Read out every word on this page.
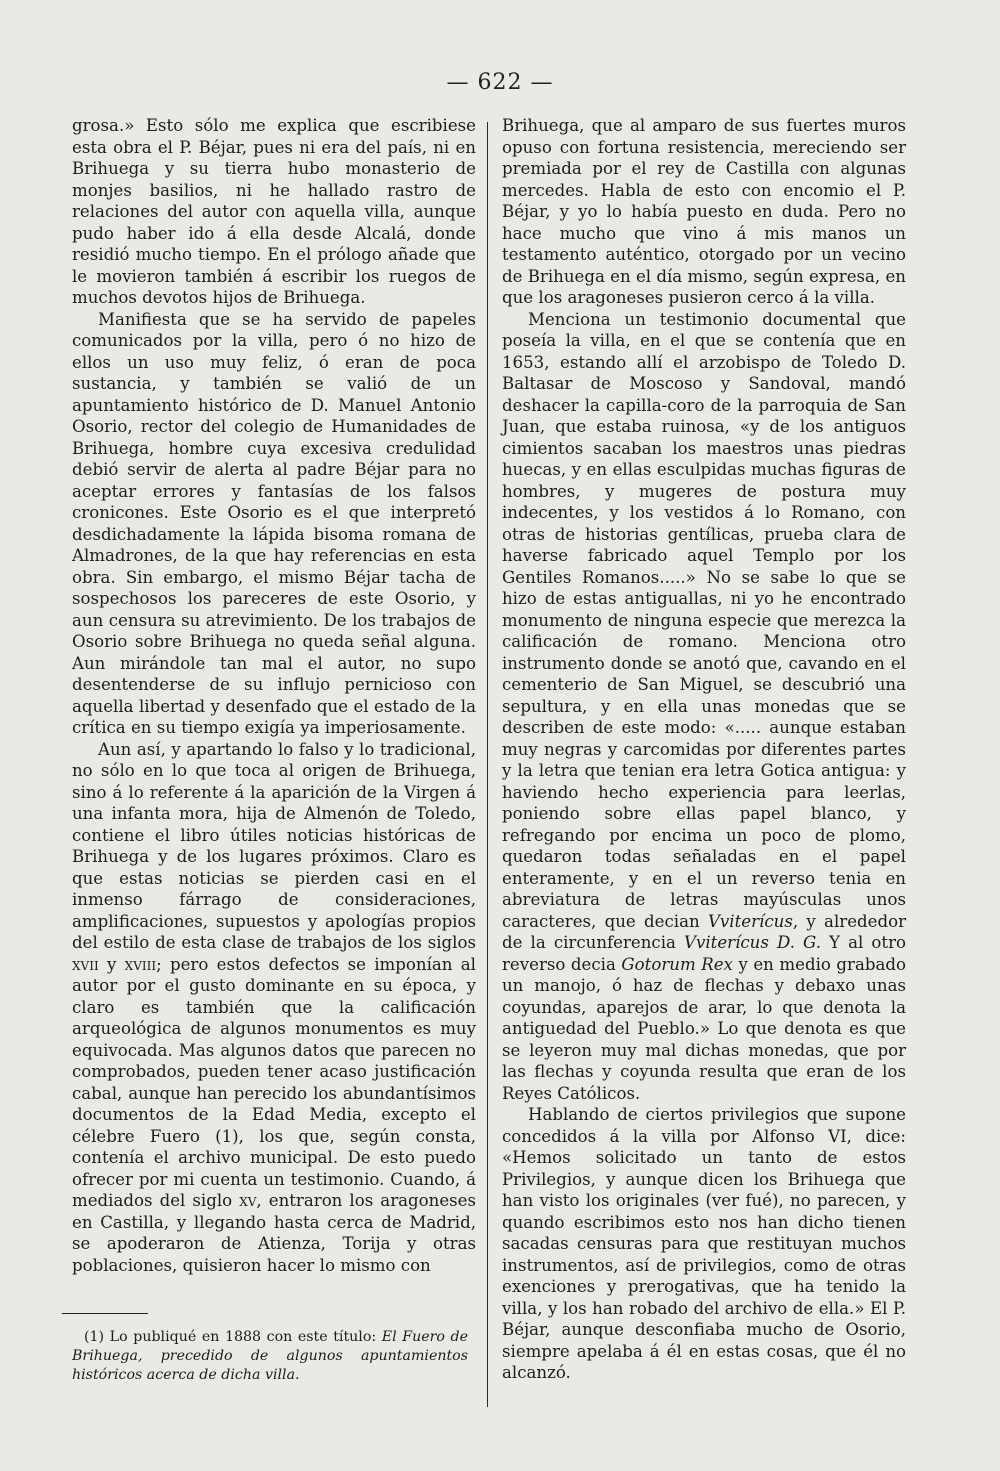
— 622 —

grosa.» Esto sólo me explica que escribiese esta obra el P. Béjar, pues ni era del país, ni en Brihuega y su tierra hubo monasterio de monjes basilios, ni he hallado rastro de relaciones del autor con aquella villa, aunque pudo haber ido á ella desde Alcalá, donde residió mucho tiempo. En el prólogo añade que le movieron también á escribir los ruegos de muchos devotos hijos de Brihuega.

Manifiesta que se ha servido de papeles comunicados por la villa, pero ó no hizo de ellos un uso muy feliz, ó eran de poca sustancia, y también se valió de un apuntamiento histórico de D. Manuel Antonio Osorio, rector del colegio de Humanidades de Brihuega, hombre cuya excesiva credulidad debió servir de alerta al padre Béjar para no aceptar errores y fantasías de los falsos cronicones. Este Osorio es el que interpretó desdichadamente la lápida bisoma romana de Almadrones, de la que hay referencias en esta obra. Sin embargo, el mismo Béjar tacha de sospechosos los pareceres de este Osorio, y aun censura su atrevimiento. De los trabajos de Osorio sobre Brihuega no queda señal alguna. Aun mirándole tan mal el autor, no supo desentenderse de su influjo pernicioso con aquella libertad y desenfado que el estado de la crítica en su tiempo exigía ya imperiosamente.

Aun así, y apartando lo falso y lo tradicional, no sólo en lo que toca al origen de Brihuega, sino á lo referente á la aparición de la Virgen á una infanta mora, hija de Almenón de Toledo, contiene el libro útiles noticias históricas de Brihuega y de los lugares próximos. Claro es que estas noticias se pierden casi en el inmenso fárrago de consideraciones, amplificaciones, supuestos y apologías propios del estilo de esta clase de trabajos de los siglos xvii y xviii; pero estos defectos se imponían al autor por el gusto dominante en su época, y claro es también que la calificación arqueológica de algunos monumentos es muy equivocada. Mas algunos datos que parecen no comprobados, pueden tener acaso justificación cabal, aunque han perecido los abundantísimos documentos de la Edad Media, excepto el célebre Fuero (1), los que, según consta, contenía el archivo municipal. De esto puedo ofrecer por mi cuenta un testimonio. Cuando, á mediados del siglo xv, entraron los aragoneses en Castilla, y llegando hasta cerca de Madrid, se apoderaron de Atienza, Torija y otras poblaciones, quisieron hacer lo mismo con

Brihuega, que al amparo de sus fuertes muros opuso con fortuna resistencia, mereciendo ser premiada por el rey de Castilla con algunas mercedes. Habla de esto con encomio el P. Béjar, y yo lo había puesto en duda. Pero no hace mucho que vino á mis manos un testamento auténtico, otorgado por un vecino de Brihuega en el día mismo, según expresa, en que los aragoneses pusieron cerco á la villa.

Menciona un testimonio documental que poseía la villa, en el que se contenía que en 1653, estando allí el arzobispo de Toledo D. Baltasar de Moscoso y Sandoval, mandó deshacer la capilla-coro de la parroquia de San Juan, que estaba ruinosa, «y de los antiguos cimientos sacaban los maestros unas piedras huecas, y en ellas esculpidas muchas figuras de hombres, y mugeres de postura muy indecentes, y los vestidos á lo Romano, con otras de historias gentílicas, prueba clara de haverse fabricado aquel Templo por los Gentiles Romanos.....» No se sabe lo que se hizo de estas antiguallas, ni yo he encontrado monumento de ninguna especie que merezca la calificación de romano. Menciona otro instrumento donde se anotó que, cavando en el cementerio de San Miguel, se descubrió una sepultura, y en ella unas monedas que se describen de este modo: «..... aunque estaban muy negras y carcomidas por diferentes partes y la letra que tenian era letra Gotica antigua: y haviendo hecho experiencia para leerlas, poniendo sobre ellas papel blanco, y refregando por encima un poco de plomo, quedaron todas señaladas en el papel enteramente, y en el un reverso tenia en abreviatura de letras mayúsculas unos caracteres, que decian Vviterícus, y alrededor de la circunferencia Vviterícus D. G. Y al otro reverso decia Gotorum Rex y en medio grabado un manojo, ó haz de flechas y debaxo unas coyundas, aparejos de arar, lo que denota la antiguedad del Pueblo.» Lo que denota es que se leyeron muy mal dichas monedas, que por las flechas y coyunda resulta que eran de los Reyes Católicos.

Hablando de ciertos privilegios que supone concedidos á la villa por Alfonso VI, dice: «Hemos solicitado un tanto de estos Privilegios, y aunque dicen los Brihuega que han visto los originales (ver fué), no parecen, y quando escribimos esto nos han dicho tienen sacadas censuras para que restituyan muchos instrumentos, así de privilegios, como de otras exenciones y prerogativas, que ha tenido la villa, y los han robado del archivo de ella.» El P. Béjar, aunque desconfiaba mucho de Osorio, siempre apelaba á él en estas cosas, que él no alcanzó.

(1) Lo publiqué en 1888 con este título: El Fuero de Brihuega, precedido de algunos apuntamientos históricos acerca de dicha villa.
